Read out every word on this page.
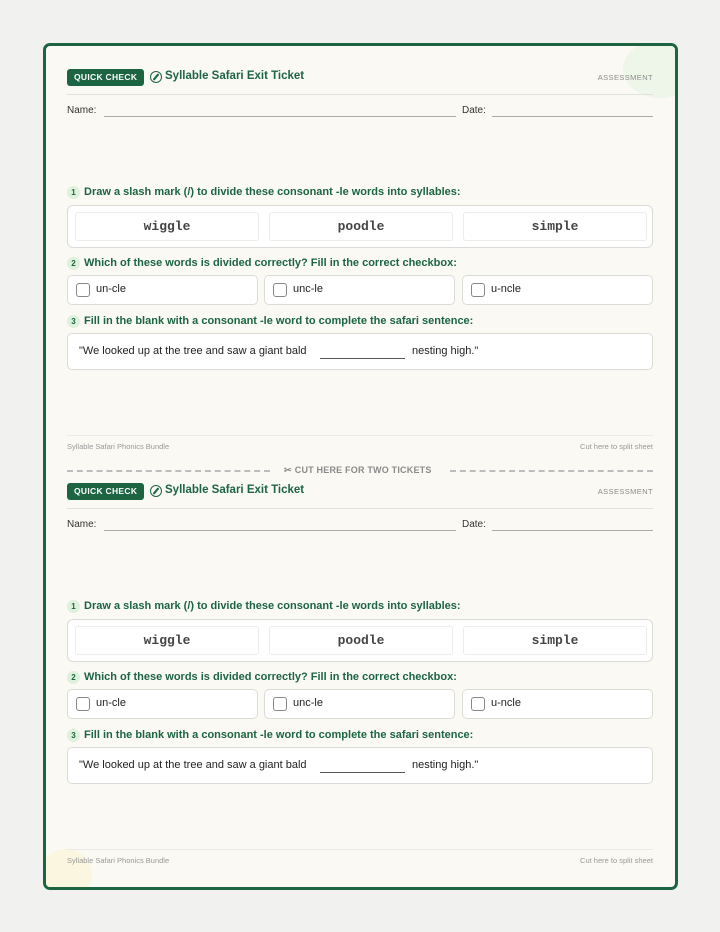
QUICK CHECK	Syllable Safari Exit Ticket	ASSESSMENT
Name:	Date:
1 Draw a slash mark (/) to divide these consonant -le words into syllables:
wiggle	poodle	simple
2 Which of these words is divided correctly? Fill in the correct checkbox:
un-cle	unc-le	u-ncle
3 Fill in the blank with a consonant -le word to complete the safari sentence:
"We looked up at the tree and saw a giant bald	nesting high."
Syllable Safari Phonics Bundle	Cut here to split sheet
✂ CUT HERE FOR TWO TICKETS
QUICK CHECK	Syllable Safari Exit Ticket	ASSESSMENT
Name:	Date:
1 Draw a slash mark (/) to divide these consonant -le words into syllables:
wiggle	poodle	simple
2 Which of these words is divided correctly? Fill in the correct checkbox:
un-cle	unc-le	u-ncle
3 Fill in the blank with a consonant -le word to complete the safari sentence:
"We looked up at the tree and saw a giant bald	nesting high."
Syllable Safari Phonics Bundle	Cut here to split sheet
